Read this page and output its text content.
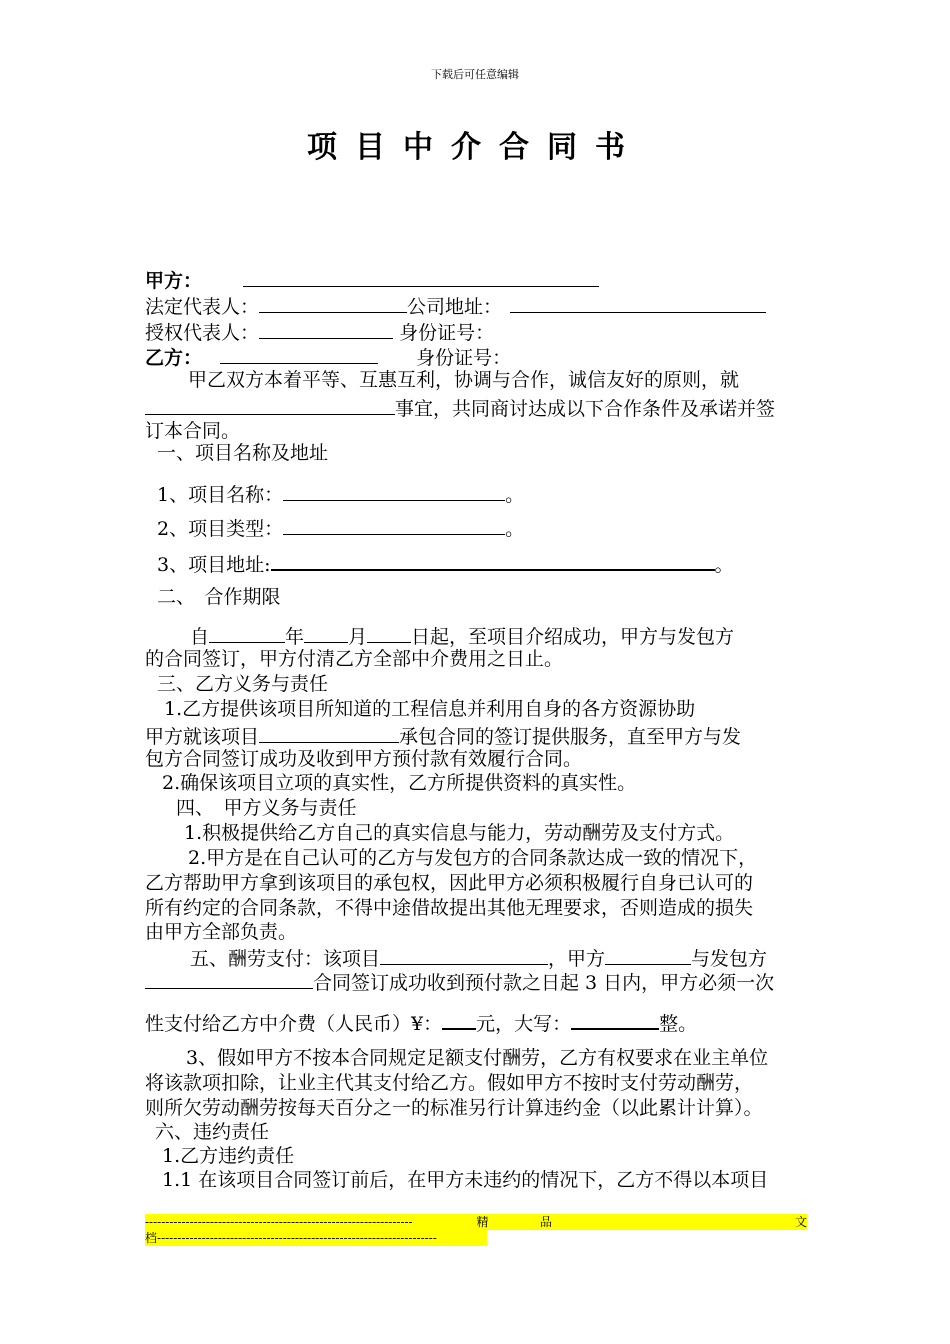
下载后可任意编辑
项目中介合同书
甲方：
法定代表人：	公司地址：
授权代表人：	身份证号：
乙方：	身份证号：
甲乙双方本着平等、互惠互利，协调与合作，诚信友好的原则，就
事宜，共同商讨达成以下合作条件及承诺并签
订本合同。
一、项目名称及地址
1、项目名称：	。
2、项目类型：	。
3、项目地址:	。
二、　合作期限
自	年 月 日起，至项目介绍成功，甲方与发包方
的合同签订，甲方付清乙方全部中介费用之日止。
三、乙方义务与责任
1.乙方提供该项目所知道的工程信息并利用自身的各方资源协助
甲方就该项目	承包合同的签订提供服务，直至甲方与发
包方合同签订成功及收到甲方预付款有效履行合同。
2.确保该项目立项的真实性，乙方所提供资料的真实性。
四、　甲方义务与责任
1.积极提供给乙方自己的真实信息与能力，劳动酬劳及支付方式。
2.甲方是在自己认可的乙方与发包方的合同条款达成一致的情况下，
乙方帮助甲方拿到该项目的承包权，因此甲方必须积极履行自身已认可的
所有约定的合同条款，不得中途借故提出其他无理要求，否则造成的损失
由甲方全部负责。
五、酬劳支付：该项目	，甲方	与发包方
合同签订成功收到预付款之日起 3 日内，甲方必须一次
性支付给乙方中介费（人民币）¥： 元，大写：	整。
3、假如甲方不按本合同规定足额支付酬劳，乙方有权要求在业主单位
将该款项扣除，让业主代其支付给乙方。假如甲方不按时支付劳动酬劳，
则所欠劳动酬劳按每天百分之一的标准另行计算违约金（以此累计计算）。
六、违约责任
1.乙方违约责任
1.1 在该项目合同签订前后，在甲方未违约的情况下，乙方不得以本项目
------------------------------------------------------------------	精	品	文
档---------------------------------------------------------------------
